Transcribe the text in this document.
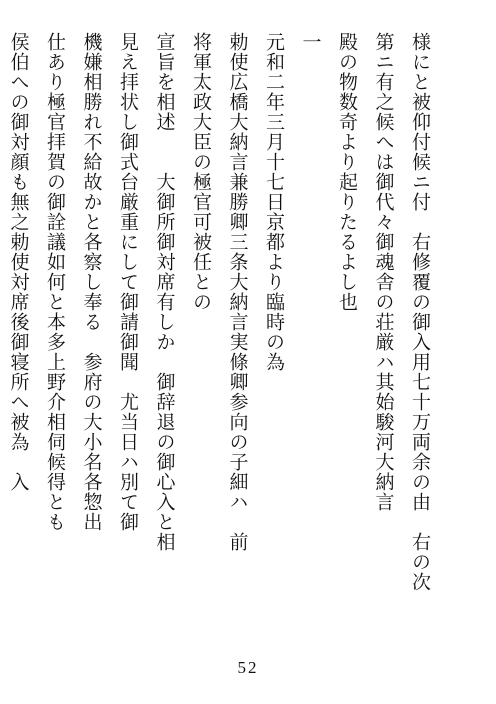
様にと被仰付候ニ付　右修覆の御入用七十万両余の由　右の次
第ニ有之候へは御代々御魂舎の荘厳ハ其始駿河大納言
殿の物数奇より起りたるよし也
一
元和二年三月十七日京都より臨時の為
勅使広橋大納言兼勝卿三条大納言実條卿参向の子細ハ　前
将軍太政大臣の極官可被任との
宣旨を相述　　大御所御対席有しか　御辞退の御心入と相
見え拝状し御式台厳重にして御請御聞　尤当日ハ別て御
機嫌相勝れ不給故かと各察し奉る　参府の大小名各惣出
仕あり極官拝賀の御詮議如何と本多上野介相伺候得とも
侯伯への御対顔も無之勅使対席後御寝所へ被為　入
52
